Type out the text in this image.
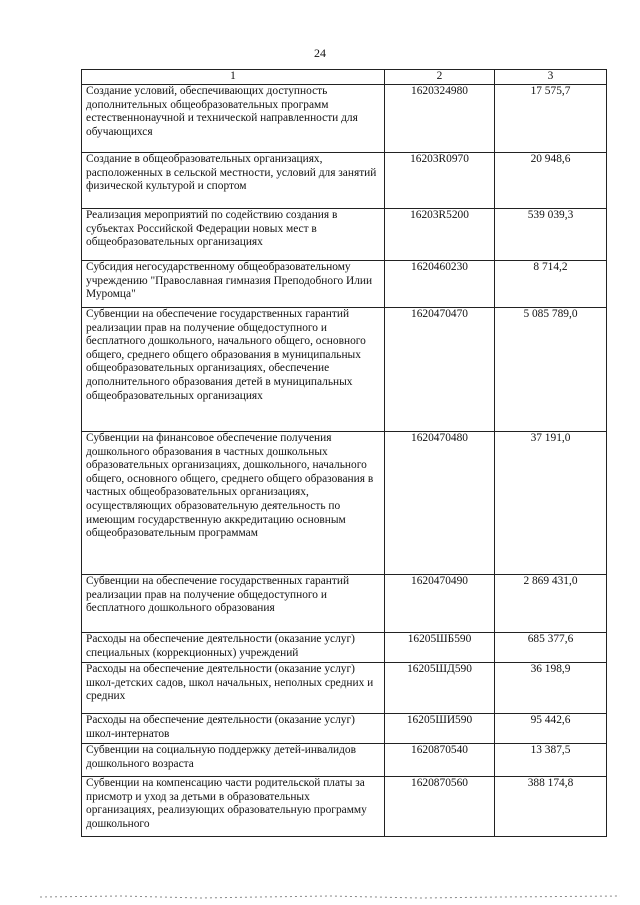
24
1	2	3
Создание условий, обеспечивающих доступность дополнительных общеобразовательных программ естественнонаучной и технической направленности для обучающихся	1620324980	17 575,7
Создание в общеобразовательных организациях, расположенных в сельской местности, условий для занятий физической культурой и спортом	16203R0970	20 948,6
Реализация мероприятий по содействию создания в субъектах Российской Федерации новых мест в общеобразовательных организациях	16203R5200	539 039,3
Субсидия негосударственному общеобразовательному учреждению "Православная гимназия Преподобного Илии Муромца"	1620460230	8 714,2
Субвенции на обеспечение государственных гарантий реализации прав на получение общедоступного и бесплатного дошкольного, начального общего, основного общего, среднего общего образования в муниципальных общеобразовательных организациях, обеспечение дополнительного образования детей в муниципальных общеобразовательных организациях	1620470470	5 085 789,0
Субвенции на финансовое обеспечение получения дошкольного образования в частных дошкольных образовательных организациях, дошкольного, начального общего, основного общего, среднего общего образования в частных общеобразовательных организациях, осуществляющих образовательную деятельность по имеющим государственную аккредитацию основным общеобразовательным программам	1620470480	37 191,0
Субвенции на обеспечение государственных гарантий реализации прав на получение общедоступного и бесплатного дошкольного образования	1620470490	2 869 431,0
Расходы на обеспечение деятельности (оказание услуг) специальных (коррекционных) учреждений	16205ШБ590	685 377,6
Расходы на обеспечение деятельности (оказание услуг) школ-детских садов, школ начальных, неполных средних и средних	16205ШД590	36 198,9
Расходы на обеспечение деятельности (оказание услуг) школ-интернатов	16205ШИ590	95 442,6
Субвенции на социальную поддержку детей-инвалидов дошкольного возраста	1620870540	13 387,5
Субвенции на компенсацию части родительской платы за присмотр и уход за детьми в образовательных организациях, реализующих образовательную программу дошкольного	1620870560	388 174,8
